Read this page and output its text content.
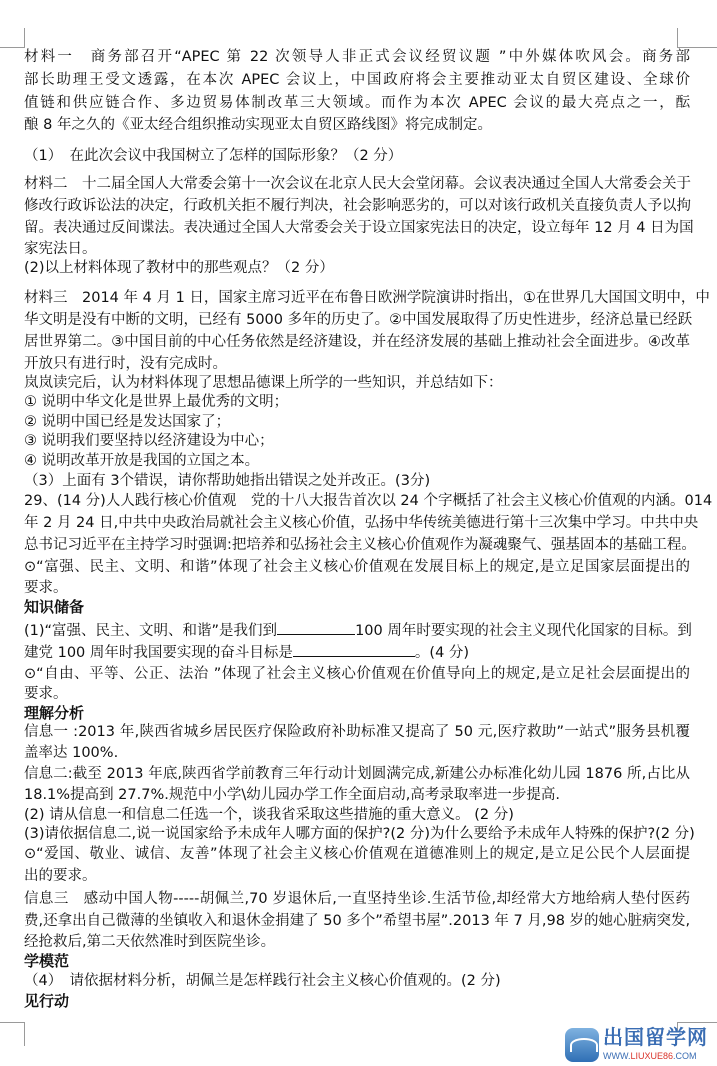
材料一　商务部召开“APEC 第 22 次领导人非正式会议经贸议题 ”中外媒体吹风会。商务部
部长助理王受文透露，在本次 APEC 会议上，中国政府将会主要推动亚太自贸区建设、全球价
值链和供应链合作、多边贸易体制改革三大领域。而作为本次 APEC 会议的最大亮点之一，酝
酿 8 年之久的《亚太经合组织推动实现亚太自贸区路线图》将完成制定。
（1）　在此次会议中我国树立了怎样的国际形象？（2 分）
材料二　十二届全国人大常委会第十一次会议在北京人民大会堂闭幕。会议表决通过全国人大常委会关于
修改行政诉讼法的决定，行政机关拒不履行判决，社会影响恶劣的，可以对该行政机关直接负责人予以拘
留。表决通过反间谍法。表决通过全国人大常委会关于设立国家宪法日的决定，设立每年 12 月 4 日为国
家宪法日。
(2)以上材料体现了教材中的那些观点？（2 分）
材料三　2014 年 4 月 1 日，国家主席习近平在布鲁日欧洲学院演讲时指出，①在世界几大国国文明中，中
华文明是没有中断的文明，已经有 5000 多年的历史了。②中国发展取得了历史性进步，经济总量已经跃
居世界第二。③中国目前的中心任务依然是经济建设，并在经济发展的基础上推动社会全面进步。④改革
开放只有进行时，没有完成时。
岚岚读完后，认为材料体现了思想品德课上所学的一些知识，并总结如下：
① 说明中华文化是世界上最优秀的文明；
② 说明中国已经是发达国家了；
③ 说明我们要坚持以经济建设为中心；
④ 说明改革开放是我国的立国之本。
（3）上面有 3个错误，请你帮助她指出错误之处并改正。(3分)
29、(14 分)人人践行核心价值观　党的十八大报告首次以 24 个字概括了社会主义核心价值观的内涵。014
年 2 月 24 日,中共中央政治局就社会主义核心价值，弘扬中华传统美德进行第十三次集中学习。中共中央
总书记习近平在主持学习时强调:把培养和弘扬社会主义核心价值观作为凝魂聚气、强基固本的基础工程。
⊙“富强、民主、文明、和谐”体现了社会主义核心价值观在发展目标上的规定,是立足国家层面提出的
要求。
知识储备
(1)“富强、民主、文明、和谐”是我们到	100 周年时要实现的社会主义现代化国家的目标。到
建党 100 周年时我国要实现的奋斗目标是	。(4 分)
⊙“自由、平等、公正、法治 ”体现了社会主义核心价值观在价值导向上的规定,是立足社会层面提出的
要求。
理解分析
信息一 :2013 年,陕西省城乡居民医疗保险政府补助标准又提高了 50 元,医疗救助”一站式”服务县机覆
盖率达 100%.
信息二:截至 2013 年底,陕西省学前教育三年行动计划圆满完成,新建公办标准化幼儿园 1876 所,占比从
18.1%提高到 27.7%.规范中小学\幼儿园办学工作全面启动,高考录取率进一步提高.
(2) 请从信息一和信息二任选一个，谈我省采取这些措施的重大意义。 (2 分)
(3)请依据信息二,说一说国家给予未成年人哪方面的保护?(2 分)为什么要给予未成年人特殊的保护?(2 分)
⊙“爱国、敬业、诚信、友善”体现了社会主义核心价值观在道德准则上的规定,是立足公民个人层面提
出的要求。
信息三　感动中国人物-----胡佩兰,70 岁退休后,一直坚持坐诊.生活节俭,却经常大方地给病人垫付医药
费,还拿出自己微薄的坐镇收入和退休金捐建了 50 多个”希望书屋”.2013 年 7 月,98 岁的她心脏病突发,
经抢救后,第二天依然准时到医院坐诊。
学模范
（4）　请依据材料分析，胡佩兰是怎样践行社会主义核心价值观的。(2 分)
见行动
出国留学网
WWW.LIUXUE86.COM
